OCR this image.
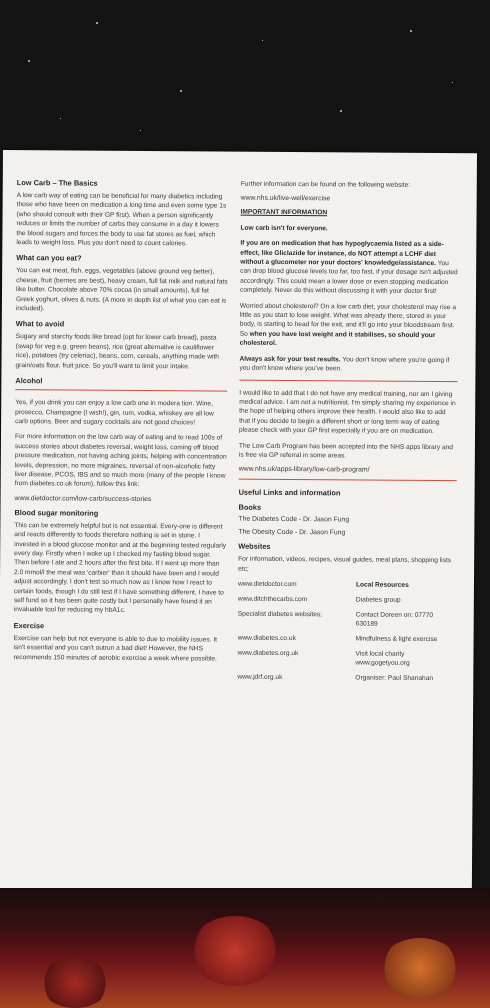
Low Carb – The Basics
A low carb way of eating can be beneficial for many diabetics including those who have been on medication a long time and even some type 1s (who should consult with their GP first). When a person significantly reduces or limits the number of carbs they consume in a day it lowers the blood sugars and forces the body to use fat stores as fuel, which leads to weight loss. Plus you don't need to count calories.
What can you eat?
You can eat meat, fish, eggs, vegetables (above ground veg better), cheese, fruit (berries are best), heavy cream, full fat milk and natural fats like butter. Chocolate above 70% cocoa (in small amounts), full fat Greek yoghurt, olives & nuts. (A more in depth list of what you can eat is included).
What to avoid
Sugary and starchy foods like bread (opt for lower carb bread), pasta (swap for veg e.g. green beans), rice (great alternative is cauliflower rice), potatoes (try celeriac), beans, corn, cereals, anything made with grain/oats flour, fruit juice. So you'll want to limit your intake.
Alcohol
Yes, if you drink you can enjoy a low carb one in modera tion. Wine, prosecco, Champagne (I wish!), gin, rum, vodka, whiskey are all low carb options. Beer and sugary cocktails are not good choices!
For more information on the low carb way of eating and to read 100s of success stories about diabetes reversal, weight loss, coming off blood pressure medication, not having aching joints, helping with concentration levels, depression, no more migraines, reversal of non-alcoholic fatty liver disease, PCOS, IBS and so much more (many of the people I know from diabetes.co.uk forum), follow this link:
www.dietdoctor.com/low-carb/success-stories
Blood sugar monitoring
This can be extremely helpful but is not essential. Every-one is different and reacts differently to foods therefore nothing is set in stone. I invested in a blood glucose monitor and at the beginning tested regularly every day. Firstly when I woke up I checked my fasting blood sugar. Then before I ate and 2 hours after the first bite. If I went up more than 2.0 mmol/l the meal was 'carbier' than it should have been and I would adjust accordingly. I don't test so much now as I know how I react to certain foods, though I do still test if I have something different. I have to self fund so it has been quite costly but I personally have found it an invaluable tool for reducing my hbA1c.
Exercise
Exercise can help but not everyone is able to due to mobility issues. It isn't essential and you can't outrun a bad diet! However, the NHS recommends 150 minutes of aerobic exercise a week where possible.
Further information can be found on the following website:
www.nhs.uk/live-well/exercise
IMPORTANT INFORMATION
Low carb isn't for everyone.
If you are on medication that has hypoglycaemia listed as a side-effect, like Gliclazide for instance, do NOT attempt a LCHF diet without a glucometer nor your doctors' knowledge/assistance. You can drop blood glucose levels too far, too fast, if your dosage isn't adjusted accordingly. This could mean a lower dose or even stopping medication completely. Never do this without discussing it with your doctor first!
Worried about cholesterol? On a low carb diet, your cholesterol may rise a little as you start to lose weight. What was already there, stored in your body, is starting to head for the exit, and it'll go into your bloodstream first. So when you have lost weight and it stabilises, so should your cholesterol.
Always ask for your test results. You don't know where you're going if you don't know where you've been.
I would like to add that I do not have any medical training, nor am I giving medical advice. I am not a nutritionist. I'm simply sharing my experience in the hope of helping others improve their health. I would also like to add that if you decide to begin a different short or long term way of eating please check with your GP first especially if you are on medication.
The Low Carb Program has been accepted into the NHS apps library and is free via GP referral in some areas.
www.nhs.uk/apps-library/low-carb-program/
Useful Links and information
Books
The Diabetes Code - Dr. Jason Fung
The Obesity Code - Dr. Jason Fung
Websites
For information, videos, recipes, visual guides, meal plans, shopping lists etc;
www.dietdoctor.com	Local Resources
www.ditchthecarbs.com	Diabetes group
Specialist diabetes websites;	Contact Doreen on: 07770 630189
www.diabetes.co.uk	Mindfulness & light exercise
www.diabetes.org.uk	Visit local charity www.gogetyou.org
www.jdrf.org.uk	Organiser: Paul Shanahan
